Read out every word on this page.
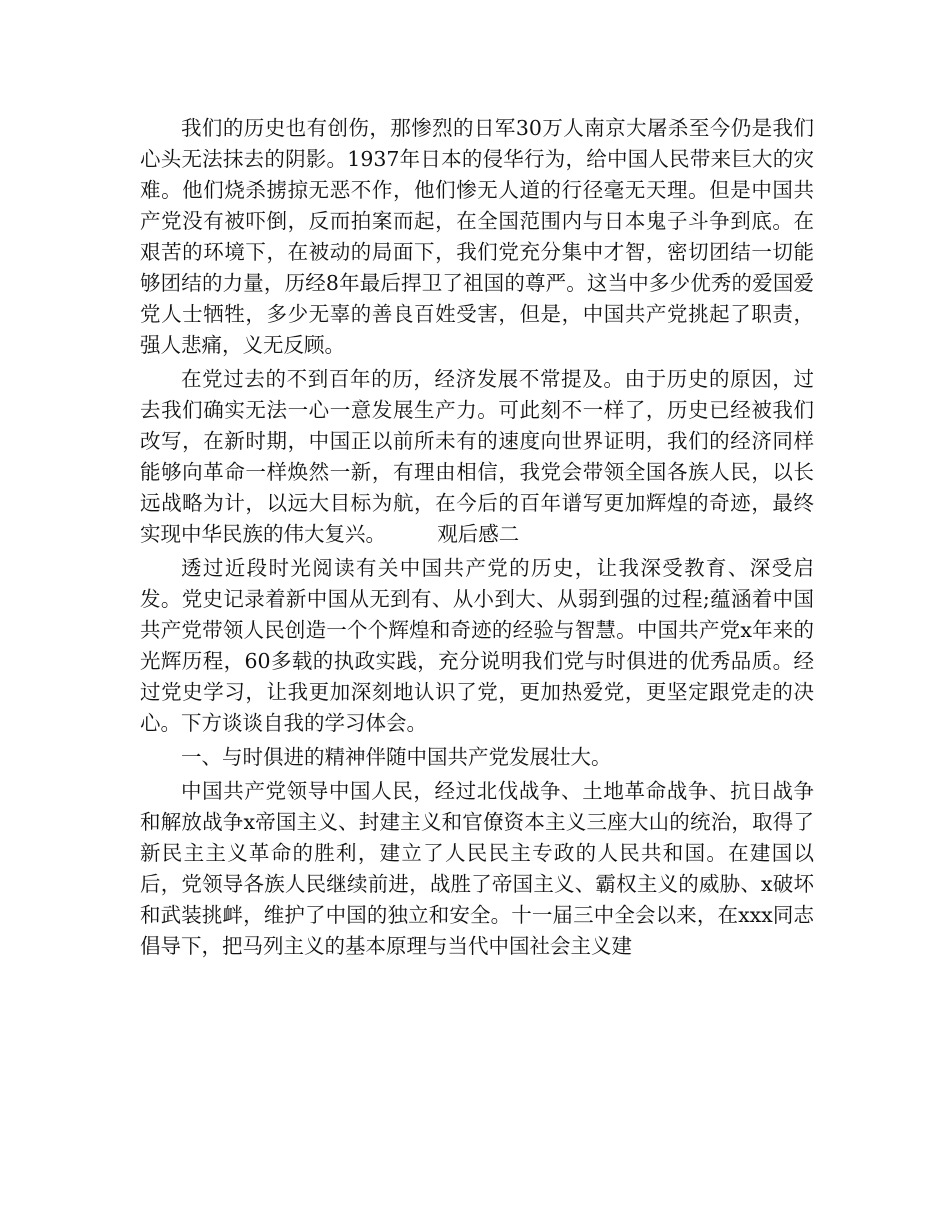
我们的历史也有创伤，那惨烈的日军30万人南京大屠杀至今仍是我们心头无法抹去的阴影。1937年日本的侵华行为，给中国人民带来巨大的灾难。他们烧杀掳掠无恶不作，他们惨无人道的行径毫无天理。但是中国共产党没有被吓倒，反而拍案而起，在全国范围内与日本鬼子斗争到底。在艰苦的环境下，在被动的局面下，我们党充分集中才智，密切团结一切能够团结的力量，历经8年最后捍卫了祖国的尊严。这当中多少优秀的爱国爱党人士牺牲，多少无辜的善良百姓受害，但是，中国共产党挑起了职责，强人悲痛，义无反顾。

在党过去的不到百年的历，经济发展不常提及。由于历史的原因，过去我们确实无法一心一意发展生产力。可此刻不一样了，历史已经被我们改写，在新时期，中国正以前所未有的速度向世界证明，我们的经济同样能够向革命一样焕然一新，有理由相信，我党会带领全国各族人民，以长远战略为计，以远大目标为航，在今后的百年谱写更加辉煌的奇迹，最终实现中华民族的伟大复兴。　　　观后感二

透过近段时光阅读有关中国共产党的历史，让我深受教育、深受启发。党史记录着新中国从无到有、从小到大、从弱到强的过程;蕴涵着中国共产党带领人民创造一个个辉煌和奇迹的经验与智慧。中国共产党x年来的光辉历程，60多载的执政实践，充分说明我们党与时俱进的优秀品质。经过党史学习，让我更加深刻地认识了党，更加热爱党，更坚定跟党走的决心。下方谈谈自我的学习体会。

一、与时俱进的精神伴随中国共产党发展壮大。

中国共产党领导中国人民，经过北伐战争、土地革命战争、抗日战争和解放战争x帝国主义、封建主义和官僚资本主义三座大山的统治，取得了新民主主义革命的胜利，建立了人民民主专政的人民共和国。在建国以后，党领导各族人民继续前进，战胜了帝国主义、霸权主义的威胁、x破坏和武装挑衅，维护了中国的独立和安全。十一届三中全会以来，在xxx同志倡导下，把马列主义的基本原理与当代中国社会主义建
